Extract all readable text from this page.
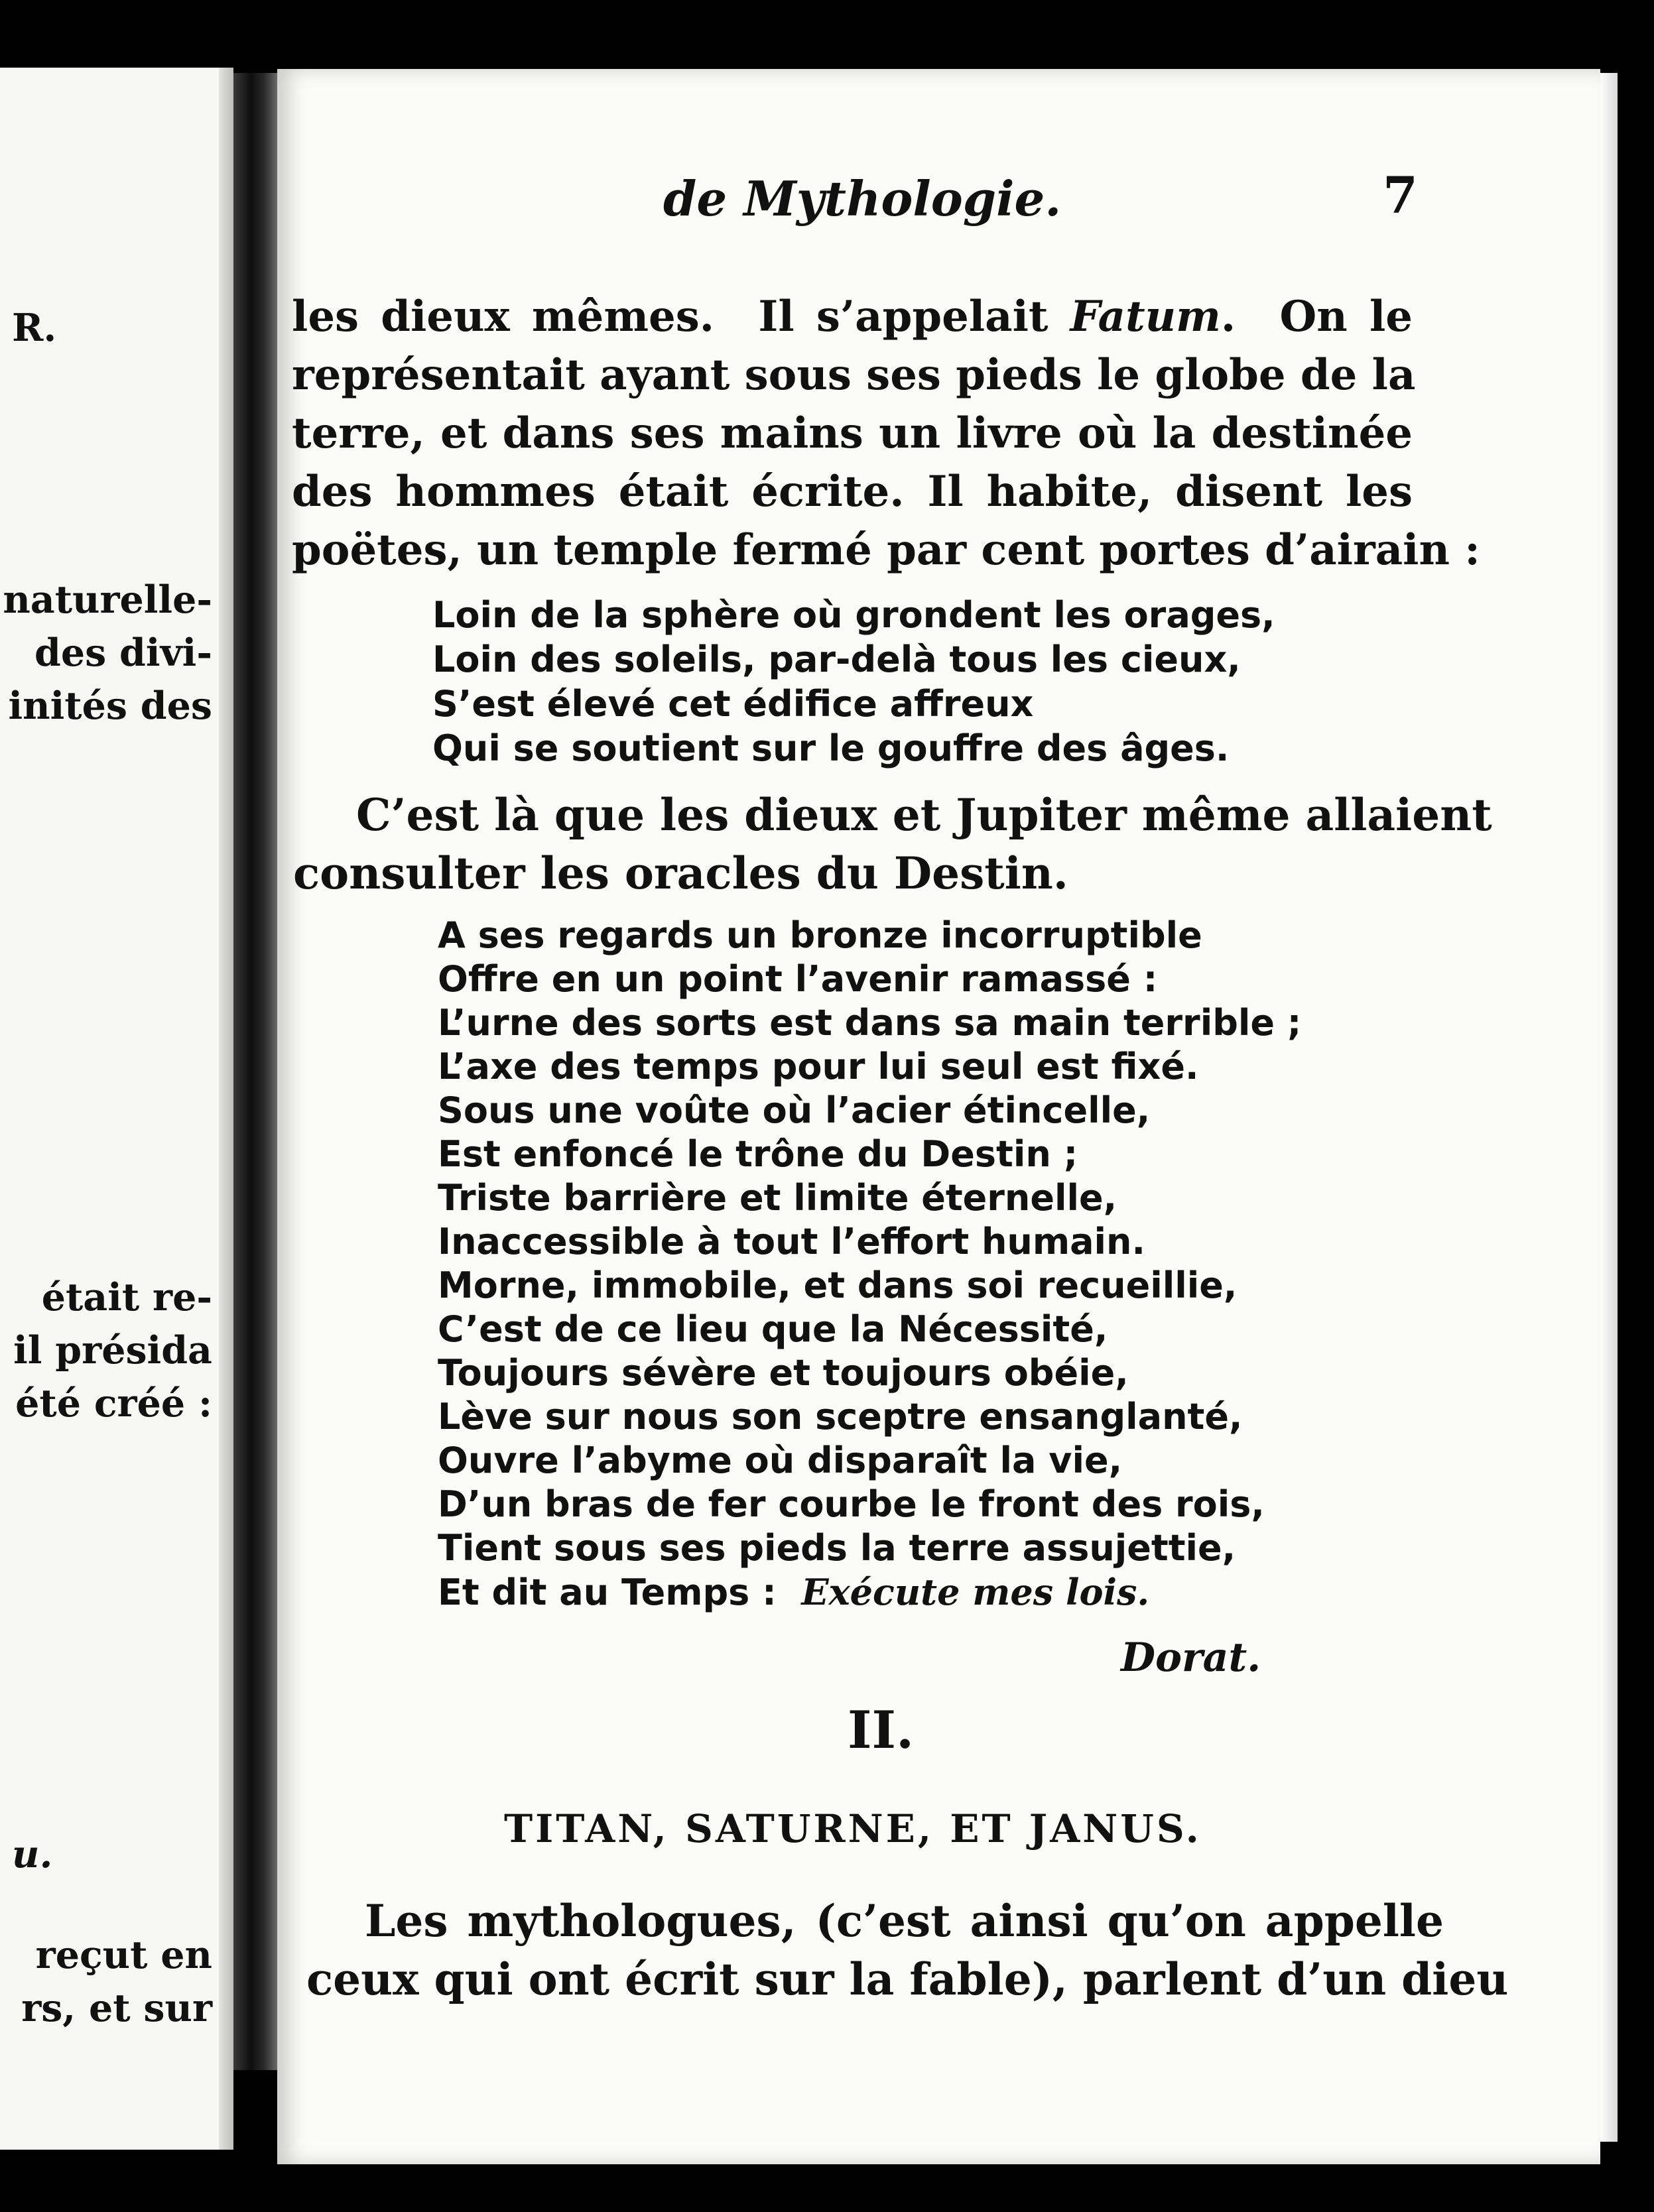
R.
naturelle-
des divi-
inités des
était re-
il présida
été créé :
u.
reçut en
rs, et sur
de Mythologie.	7
les dieux mêmes.  Il s’appelait Fatum.  On le
représentait ayant sous ses pieds le globe de la
terre, et dans ses mains un livre où la destinée
des hommes était écrite. Il habite, disent les
poëtes, un temple fermé par cent portes d’airain :
Loin de la sphère où grondent les orages,
Loin des soleils, par-delà tous les cieux,
S’est élevé cet édifice affreux
Qui se soutient sur le gouffre des âges.
C’est là que les dieux et Jupiter même allaient
consulter les oracles du Destin.
A ses regards un bronze incorruptible
Offre en un point l’avenir ramassé :
L’urne des sorts est dans sa main terrible ;
L’axe des temps pour lui seul est fixé.
Sous une voûte où l’acier étincelle,
Est enfoncé le trône du Destin ;
Triste barrière et limite éternelle,
Inaccessible à tout l’effort humain.
Morne, immobile, et dans soi recueillie,
C’est de ce lieu que la Nécessité,
Toujours sévère et toujours obéie,
Lève sur nous son sceptre ensanglanté,
Ouvre l’abyme où disparaît la vie,
D’un bras de fer courbe le front des rois,
Tient sous ses pieds la terre assujettie,
Et dit au Temps : Exécute mes lois.
Dorat.
II.
TITAN, SATURNE, ET JANUS.
Les mythologues, (c’est ainsi qu’on appelle
ceux qui ont écrit sur la fable), parlent d’un dieu
